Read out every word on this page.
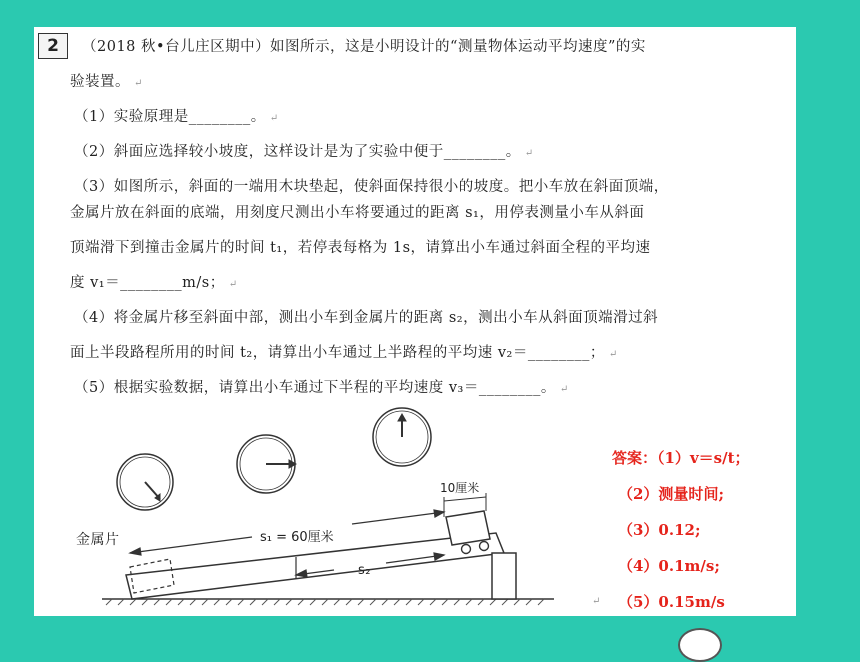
2	（2018 秋•台儿庄区期中）如图所示，这是小明设计的“测量物体运动平均速度”的实
验装置。 ↵
（1）实验原理是________。 ↵
（2）斜面应选择较小坡度，这样设计是为了实验中便于________。 ↵
（3）如图所示，斜面的一端用木块垫起，使斜面保持很小的坡度。把小车放在斜面顶端，
金属片放在斜面的底端，用刻度尺测出小车将要通过的距离 s₁，用停表测量小车从斜面
顶端滑下到撞击金属片的时间 t₁，若停表每格为 1s，请算出小车通过斜面全程的平均速
度 v₁＝________m/s； ↵
（4）将金属片移至斜面中部，测出小车到金属片的距离 s₂，测出小车从斜面顶端滑过斜
面上半段路程所用的时间 t₂，请算出小车通过上半路程的平均速 v₂＝________； ↵
（5）根据实验数据，请算出小车通过下半程的平均速度 v₃＝________。 ↵
金属片	s₁ = 60厘米
s₂
10厘米
↵
答案：（1）v＝s/t；
（2）测量时间;
（3）0.12;
（4）0.1m/s;
（5）0.15m/s
